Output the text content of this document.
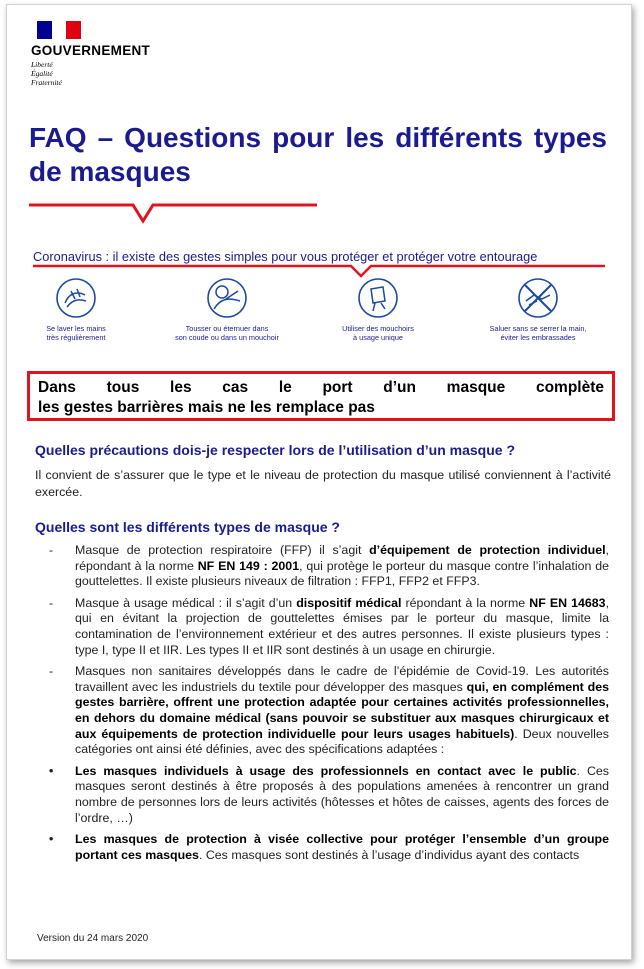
GOUVERNEMENT
Liberté
Égalité
Fraternité
FAQ – Questions pour les différents types de masques
Coronavirus : il existe des gestes simples pour vous protéger et protéger votre entourage
Se laver les mains
très régulièrement
Tousser ou éternuer dans
son coude ou dans un mouchoir
Utiliser des mouchoirs
à usage unique
Saluer sans se serrer la main,
éviter les embrassades
Dans tous les cas le port d’un masque complète
les gestes barrières mais ne les remplace pas
Quelles précautions dois-je respecter lors de l’utilisation d’un masque ?
Il convient de s’assurer que le type et le niveau de protection du masque utilisé conviennent à l’activité exercée.
Quelles sont les différents types de masque ?
- Masque de protection respiratoire (FFP) il s’agit d’équipement de protection individuel, répondant à la norme NF EN 149 : 2001, qui protège le porteur du masque contre l’inhalation de gouttelettes. Il existe plusieurs niveaux de filtration : FFP1, FFP2 et FFP3.
- Masque à usage médical : il s’agit d’un dispositif médical répondant à la norme NF EN 14683, qui en évitant la projection de gouttelettes émises par le porteur du masque, limite la contamination de l’environnement extérieur et des autres personnes. Il existe plusieurs types : type I, type II et IIR. Les types II et IIR sont destinés à un usage en chirurgie.
- Masques non sanitaires développés dans le cadre de l’épidémie de Covid-19. Les autorités travaillent avec les industriels du textile pour développer des masques qui, en complément des gestes barrière, offrent une protection adaptée pour certaines activités professionnelles, en dehors du domaine médical (sans pouvoir se substituer aux masques chirurgicaux et aux équipements de protection individuelle pour leurs usages habituels). Deux nouvelles catégories ont ainsi été définies, avec des spécifications adaptées :
• Les masques individuels à usage des professionnels en contact avec le public. Ces masques seront destinés à être proposés à des populations amenées à rencontrer un grand nombre de personnes lors de leurs activités (hôtesses et hôtes de caisses, agents des forces de l’ordre, …)
• Les masques de protection à visée collective pour protéger l’ensemble d’un groupe portant ces masques. Ces masques sont destinés à l’usage d’individus ayant des contacts
Version du 24 mars 2020
